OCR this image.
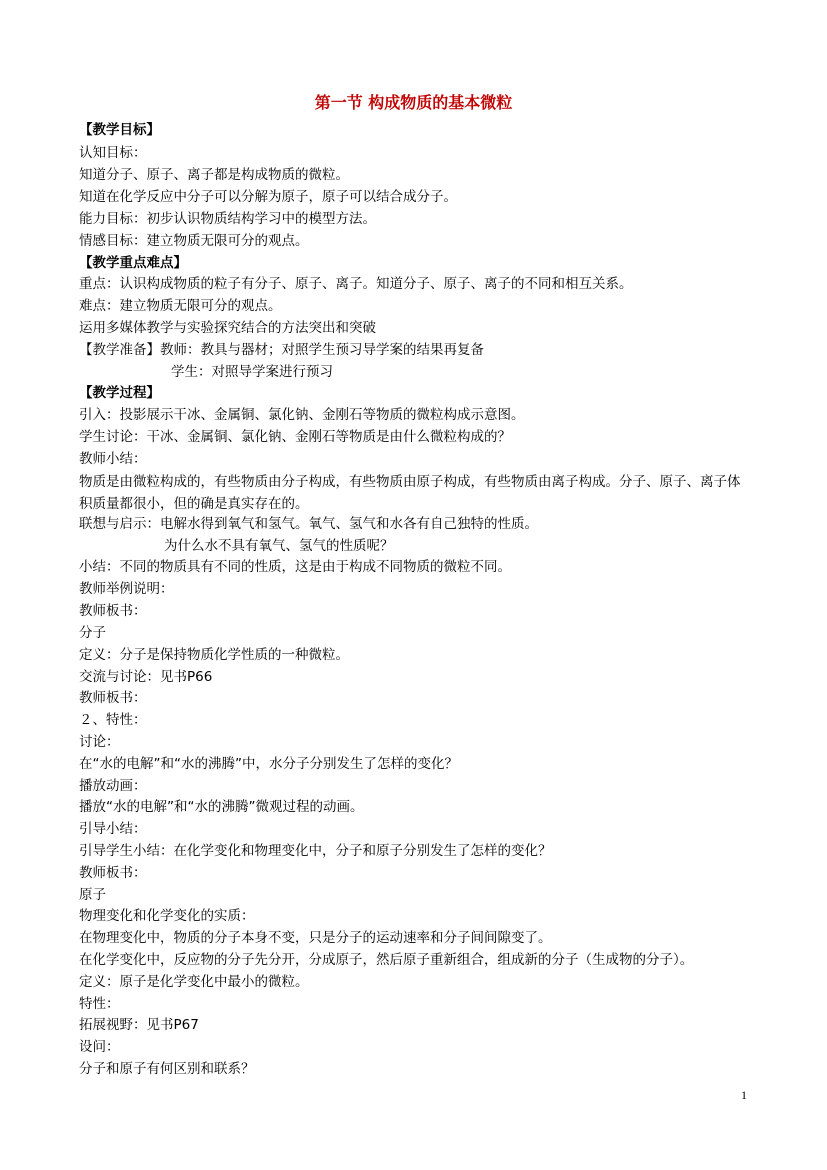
第一节 构成物质的基本微粒
【教学目标】
认知目标：
知道分子、原子、离子都是构成物质的微粒。
知道在化学反应中分子可以分解为原子，原子可以结合成分子。
能力目标：初步认识物质结构学习中的模型方法。
情感目标：建立物质无限可分的观点。
【教学重点难点】
重点：认识构成物质的粒子有分子、原子、离子。知道分子、原子、离子的不同和相互关系。
难点：建立物质无限可分的观点。
运用多媒体教学与实验探究结合的方法突出和突破
【教学准备】教师：教具与器材；对照学生预习导学案的结果再复备
学生：对照导学案进行预习
【教学过程】
引入：投影展示干冰、金属铜、氯化钠、金刚石等物质的微粒构成示意图。
学生讨论：干冰、金属铜、氯化钠、金刚石等物质是由什么微粒构成的？
教师小结：
物质是由微粒构成的，有些物质由分子构成，有些物质由原子构成，有些物质由离子构成。分子、原子、离子体积质量都很小，但的确是真实存在的。
联想与启示：电解水得到氧气和氢气。氧气、氢气和水各有自己独特的性质。
为什么水不具有氧气、氢气的性质呢？
小结：不同的物质具有不同的性质，这是由于构成不同物质的微粒不同。
教师举例说明：
教师板书：
分子
定义：分子是保持物质化学性质的一种微粒。
交流与讨论：见书P66
教师板书：
２、特性：
讨论：
在“水的电解”和“水的沸腾”中，水分子分别发生了怎样的变化？
播放动画：
播放“水的电解”和“水的沸腾”微观过程的动画。
引导小结：
引导学生小结：在化学变化和物理变化中，分子和原子分别发生了怎样的变化？
教师板书：
原子
物理变化和化学变化的实质：
在物理变化中，物质的分子本身不变，只是分子的运动速率和分子间间隙变了。
在化学变化中，反应物的分子先分开，分成原子，然后原子重新组合，组成新的分子（生成物的分子）。
定义：原子是化学变化中最小的微粒。
特性：
拓展视野：见书P67
设问：
分子和原子有何区别和联系？
1
